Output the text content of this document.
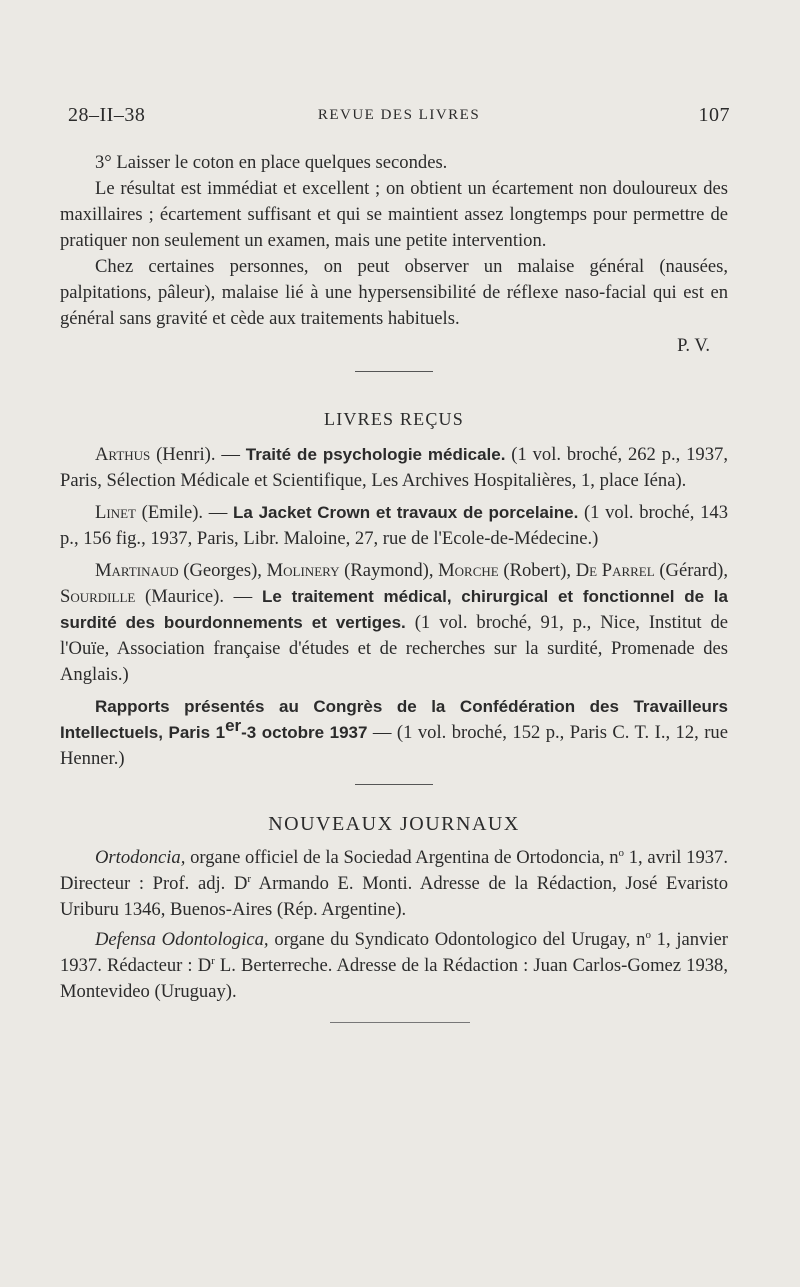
28–II–38	REVUE DES LIVRES	107

3° Laisser le coton en place quelques secondes.

Le résultat est immédiat et excellent ; on obtient un écartement non douloureux des maxillaires ; écartement suffisant et qui se maintient assez longtemps pour permettre de pratiquer non seulement un examen, mais une petite intervention.

Chez certaines personnes, on peut observer un malaise général (nausées, palpitations, pâleur), malaise lié à une hypersensibilité de réflexe naso-facial qui est en général sans gravité et cède aux traitements habituels.

P. V.

LIVRES REÇUS

Arthus (Henri). — Traité de psychologie médicale. (1 vol. broché, 262 p., 1937, Paris, Sélection Médicale et Scientifique, Les Archives Hospitalières, 1, place Iéna).

Linet (Emile). — La Jacket Crown et travaux de porcelaine. (1 vol. broché, 143 p., 156 fig., 1937, Paris, Libr. Maloine, 27, rue de l'Ecole-de-Médecine.)

Martinaud (Georges), Molinery (Raymond), Morche (Robert), De Parrel (Gérard), Sourdille (Maurice). — Le traitement médical, chirurgical et fonctionnel de la surdité des bourdonnements et vertiges. (1 vol. broché, 91, p., Nice, Institut de l'Ouïe, Association française d'études et de recherches sur la surdité, Promenade des Anglais.)

Rapports présentés au Congrès de la Confédération des Travailleurs Intellectuels, Paris 1er-3 octobre 1937 — (1 vol. broché, 152 p., Paris C. T. I., 12, rue Henner.)

NOUVEAUX JOURNAUX

Ortodoncia, organe officiel de la Sociedad Argentina de Ortodoncia, $n^o$ 1, avril 1937. Directeur : Prof. adj. $D^r$ Armando E. Monti. Adresse de la Rédaction, José Evaristo Uriburu 1346, Buenos-Aires (Rép. Argentine).

Defensa Odontologica, organe du Syndicato Odontologico del Urugay, $n^o$ 1, janvier 1937. Rédacteur : $D^r$ L. Berterreche. Adresse de la Rédaction : Juan Carlos-Gomez 1938, Montevideo (Uruguay).
